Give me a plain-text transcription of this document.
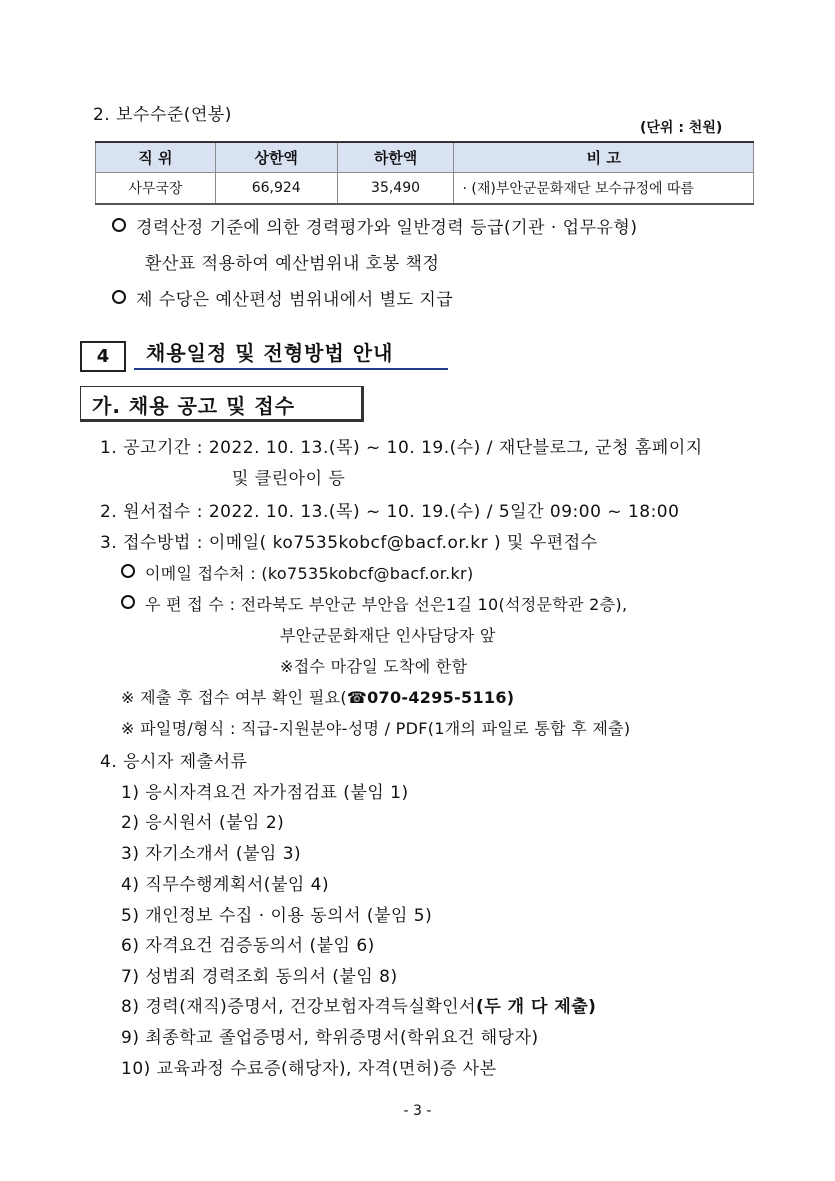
2. 보수수준(연봉)
(단위 : 천원)
직 위	상한액	하한액	비 고
사무국장	66,924	35,490	· (재)부안군문화재단 보수규정에 따름
경력산정 기준에 의한 경력평가와 일반경력 등급(기관 · 업무유형)
환산표 적용하여 예산범위내 호봉 책정
제 수당은 예산편성 범위내에서 별도 지급
4	채용일정 및 전형방법 안내
가. 채용 공고 및 접수
1. 공고기간 : 2022. 10. 13.(목) ~ 10. 19.(수) / 재단블로그, 군청 홈페이지
및 클린아이 등
2. 원서접수 : 2022. 10. 13.(목) ~ 10. 19.(수) / 5일간 09:00 ~ 18:00
3. 접수방법 : 이메일( ko7535kobcf@bacf.or.kr ) 및 우편접수
이메일 접수처 : (ko7535kobcf@bacf.or.kr)
우 편 접 수 : 전라북도 부안군 부안읍 선은1길 10(석정문학관 2층),
부안군문화재단 인사담당자 앞
※접수 마감일 도착에 한함
※ 제출 후 접수 여부 확인 필요(☎070-4295-5116)
※ 파일명/형식 : 직급-지원분야-성명 / PDF(1개의 파일로 통합 후 제출)
4. 응시자 제출서류
1) 응시자격요건 자가점검표 (붙임 1)
2) 응시원서 (붙임 2)
3) 자기소개서 (붙임 3)
4) 직무수행계획서(붙임 4)
5) 개인정보 수집 · 이용 동의서 (붙임 5)
6) 자격요건 검증동의서 (붙임 6)
7) 성범죄 경력조회 동의서 (붙임 8)
8) 경력(재직)증명서, 건강보험자격득실확인서(두 개 다 제출)
9) 최종학교 졸업증명서, 학위증명서(학위요건 해당자)
10) 교육과정 수료증(해당자), 자격(면허)증 사본
- 3 -
